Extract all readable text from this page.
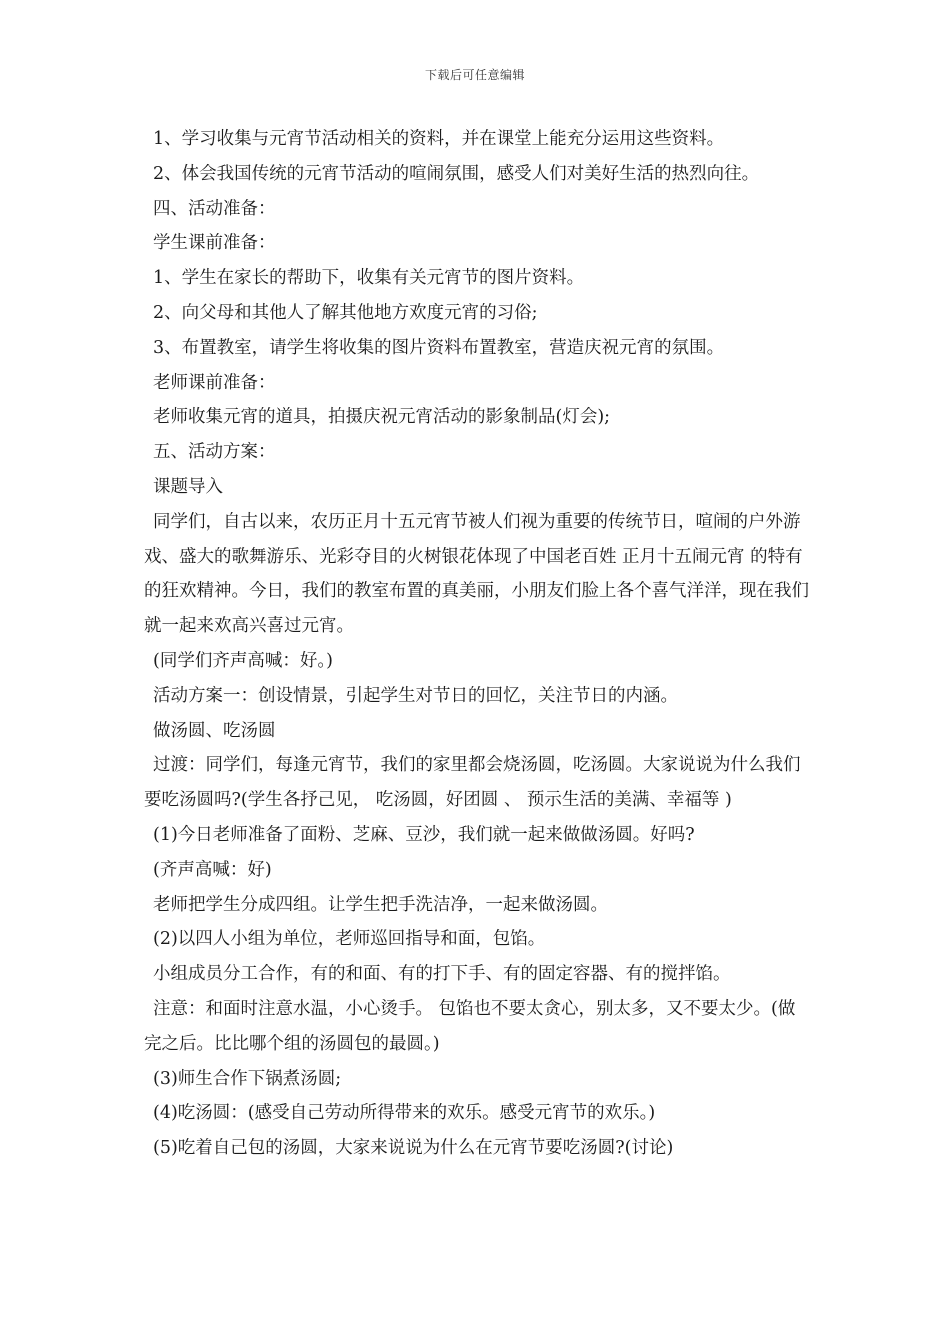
下载后可任意编辑

1、学习收集与元宵节活动相关的资料，并在课堂上能充分运用这些资料。

2、体会我国传统的元宵节活动的喧闹氛围，感受人们对美好生活的热烈向往。

四、活动准备：

学生课前准备：

1、学生在家长的帮助下，收集有关元宵节的图片资料。

2、向父母和其他人了解其他地方欢度元宵的习俗;

3、布置教室，请学生将收集的图片资料布置教室，营造庆祝元宵的氛围。

老师课前准备：

老师收集元宵的道具，拍摄庆祝元宵活动的影象制品(灯会);

五、活动方案：

课题导入

同学们，自古以来，农历正月十五元宵节被人们视为重要的传统节日，喧闹的户外游戏、盛大的歌舞游乐、光彩夺目的火树银花体现了中国老百姓 正月十五闹元宵 的特有的狂欢精神。今日，我们的教室布置的真美丽，小朋友们脸上各个喜气洋洋，现在我们就一起来欢高兴喜过元宵。

(同学们齐声高喊：好。)

活动方案一：创设情景，引起学生对节日的回忆，关注节日的内涵。

做汤圆、吃汤圆

过渡：同学们，每逢元宵节，我们的家里都会烧汤圆，吃汤圆。大家说说为什么我们要吃汤圆吗?(学生各抒己见， 吃汤圆，好团圆 、 预示生活的美满、幸福等 )

(1)今日老师准备了面粉、芝麻、豆沙，我们就一起来做做汤圆。好吗?

(齐声高喊：好)

老师把学生分成四组。让学生把手洗洁净，一起来做汤圆。

(2)以四人小组为单位，老师巡回指导和面，包馅。

小组成员分工合作，有的和面、有的打下手、有的固定容器、有的搅拌馅。

注意：和面时注意水温，小心烫手。 包馅也不要太贪心，别太多，又不要太少。(做完之后。比比哪个组的汤圆包的最圆。)

(3)师生合作下锅煮汤圆;

(4)吃汤圆：(感受自己劳动所得带来的欢乐。感受元宵节的欢乐。)

(5)吃着自己包的汤圆，大家来说说为什么在元宵节要吃汤圆?(讨论)
